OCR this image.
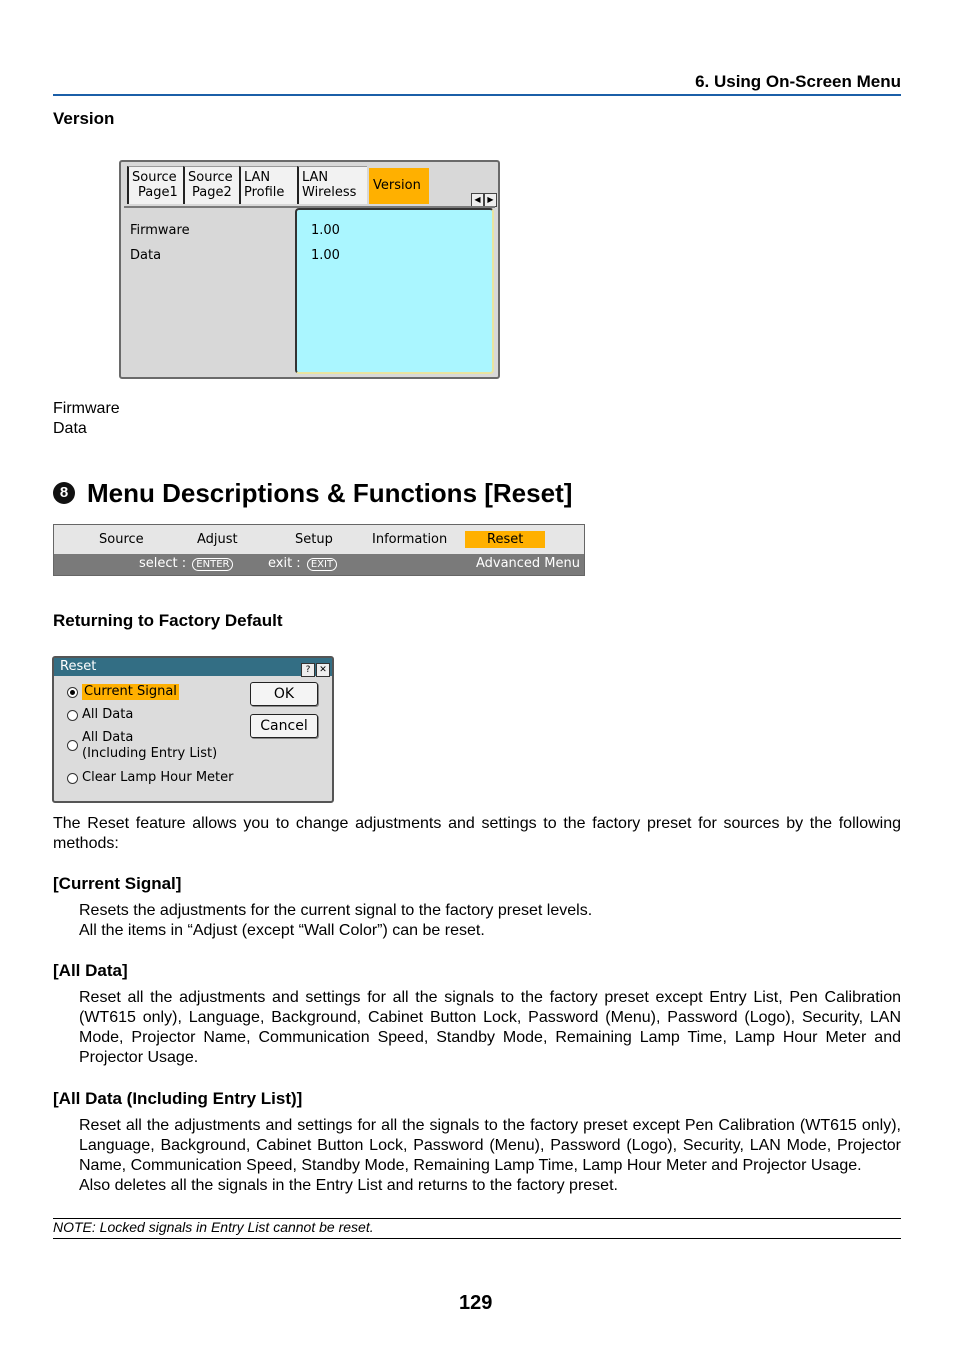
6. Using On-Screen Menu
Version
Source
Page1
Source
Page2
LAN
Profile
LAN
Wireless	Version
◀ ▶
Firmware
Data
1.00
1.00
Firmware
Data
8 Menu Descriptions & Functions [Reset]
Source	Adjust	Setup	Information	Reset
select : ENTER	exit : EXIT	Advanced Menu
Returning to Factory Default
Reset	? ✕
Current Signal
All Data
All Data
(Including Entry List)
Clear Lamp Hour Meter
OK
Cancel
The Reset feature allows you to change adjustments and settings to the factory preset for sources by the following methods:
[Current Signal]
Resets the adjustments for the current signal to the factory preset levels.
All the items in “Adjust (except “Wall Color”) can be reset.
[All Data]
Reset all the adjustments and settings for all the signals to the factory preset except Entry List, Pen Calibration (WT615 only), Language, Background, Cabinet Button Lock, Password (Menu), Password (Logo), Security, LAN Mode, Projector Name, Communication Speed, Standby Mode, Remaining Lamp Time, Lamp Hour Meter and Projector Usage.
[All Data (Including Entry List)]
Reset all the adjustments and settings for all the signals to the factory preset except Pen Calibration (WT615 only), Language, Background, Cabinet Button Lock, Password (Menu), Password (Logo), Security, LAN Mode, Projector Name, Communication Speed, Standby Mode, Remaining Lamp Time, Lamp Hour Meter and Projector Usage.
Also deletes all the signals in the Entry List and returns to the factory preset.
NOTE: Locked signals in Entry List cannot be reset.
129
